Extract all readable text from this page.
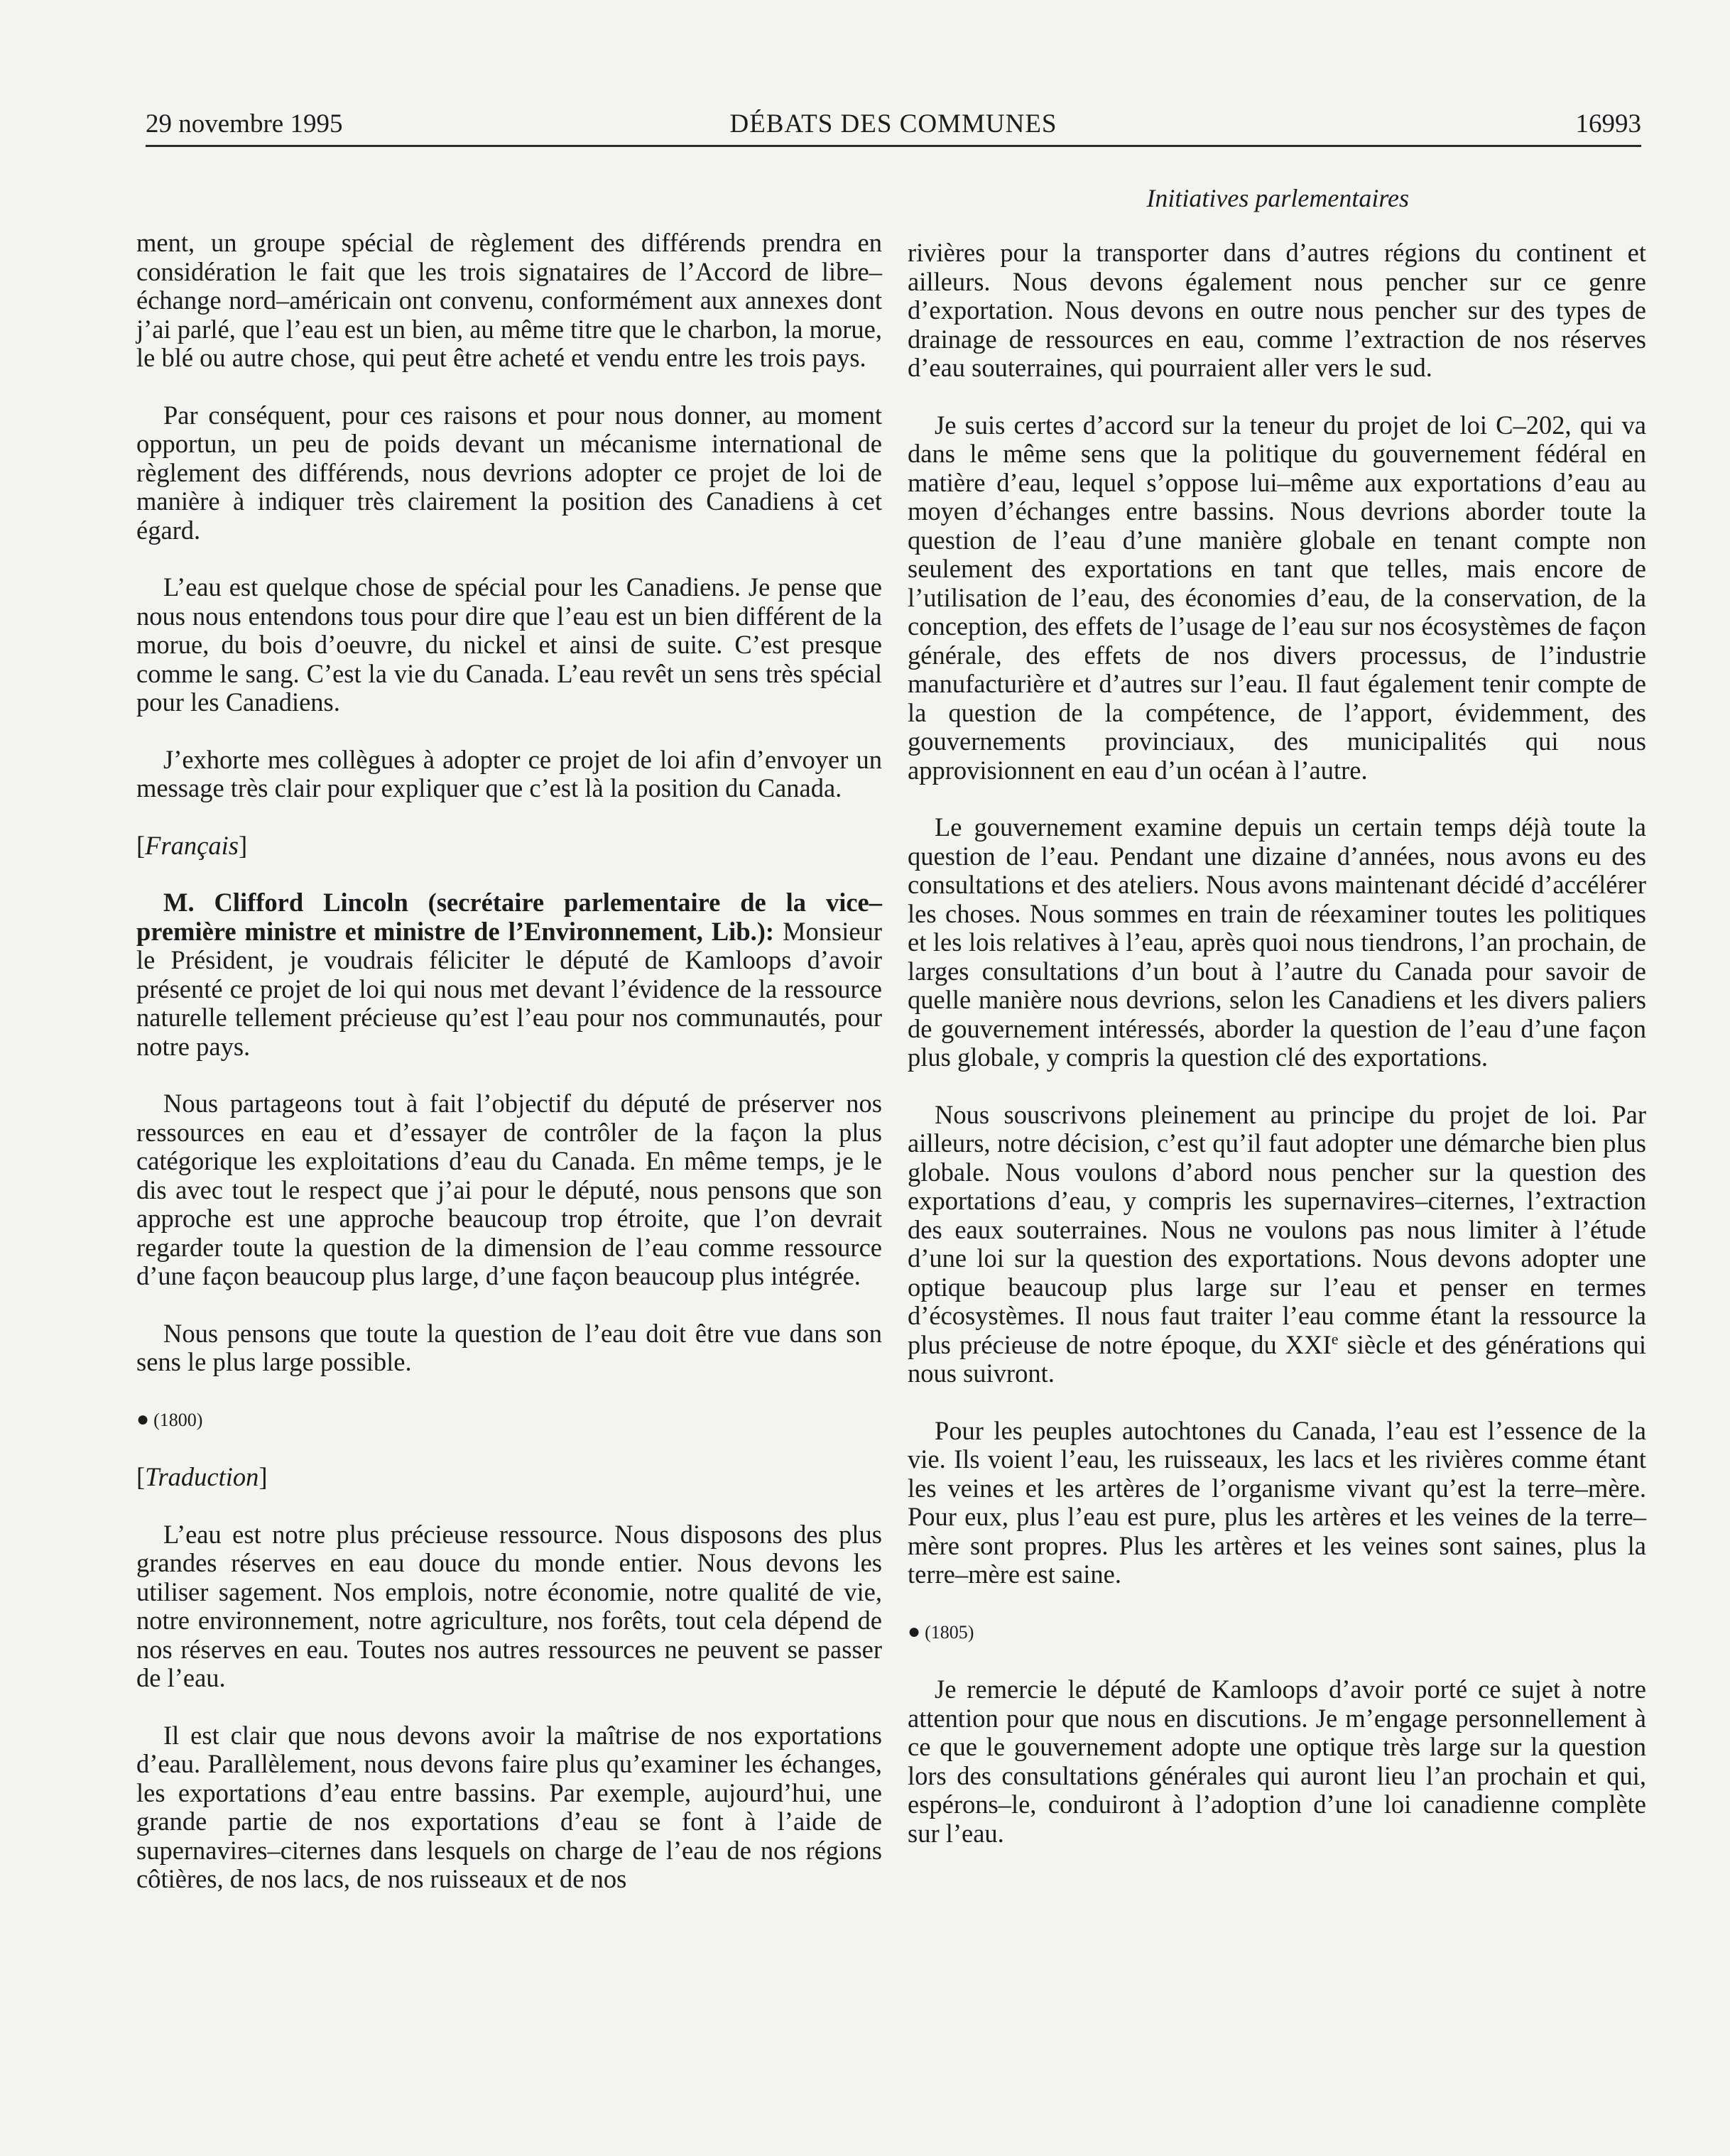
29 novembre 1995	DÉBATS DES COMMUNES	16993
Initiatives parlementaires

ment, un groupe spécial de règlement des différends prendra en considération le fait que les trois signataires de l’Accord de libre–échange nord–américain ont convenu, conformément aux annexes dont j’ai parlé, que l’eau est un bien, au même titre que le charbon, la morue, le blé ou autre chose, qui peut être acheté et vendu entre les trois pays.

Par conséquent, pour ces raisons et pour nous donner, au moment opportun, un peu de poids devant un mécanisme international de règlement des différends, nous devrions adopter ce projet de loi de manière à indiquer très clairement la position des Canadiens à cet égard.

L’eau est quelque chose de spécial pour les Canadiens. Je pense que nous nous entendons tous pour dire que l’eau est un bien différent de la morue, du bois d’oeuvre, du nickel et ainsi de suite. C’est presque comme le sang. C’est la vie du Canada. L’eau revêt un sens très spécial pour les Canadiens.

J’exhorte mes collègues à adopter ce projet de loi afin d’envoyer un message très clair pour expliquer que c’est là la position du Canada.

[ Français ]

M. Clifford Lincoln (secrétaire parlementaire de la vice–première ministre et ministre de l’Environnement, Lib.): Monsieur le Président, je voudrais féliciter le député de Kamloops d’avoir présenté ce projet de loi qui nous met devant l’évidence de la ressource naturelle tellement précieuse qu’est l’eau pour nos communautés, pour notre pays.

Nous partageons tout à fait l’objectif du député de préserver nos ressources en eau et d’essayer de contrôler de la façon la plus catégorique les exploitations d’eau du Canada. En même temps, je le dis avec tout le respect que j’ai pour le député, nous pensons que son approche est une approche beaucoup trop étroite, que l’on devrait regarder toute la question de la dimension de l’eau comme ressource d’une façon beaucoup plus large, d’une façon beaucoup plus intégrée.

Nous pensons que toute la question de l’eau doit être vue dans son sens le plus large possible.

● (1800)
[ Traduction ]

L’eau est notre plus précieuse ressource. Nous disposons des plus grandes réserves en eau douce du monde entier. Nous devons les utiliser sagement. Nos emplois, notre économie, notre qualité de vie, notre environnement, notre agriculture, nos forêts, tout cela dépend de nos réserves en eau. Toutes nos autres ressources ne peuvent se passer de l’eau.

Il est clair que nous devons avoir la maîtrise de nos exportations d’eau. Parallèlement, nous devons faire plus qu’examiner les échanges, les exportations d’eau entre bassins. Par exemple, aujourd’hui, une grande partie de nos exportations d’eau se font à l’aide de supernavires–citernes dans lesquels on charge de l’eau de nos régions côtières, de nos lacs, de nos ruisseaux et de nos

rivières pour la transporter dans d’autres régions du continent et ailleurs. Nous devons également nous pencher sur ce genre d’exportation. Nous devons en outre nous pencher sur des types de drainage de ressources en eau, comme l’extraction de nos réserves d’eau souterraines, qui pourraient aller vers le sud.

Je suis certes d’accord sur la teneur du projet de loi C–202, qui va dans le même sens que la politique du gouvernement fédéral en matière d’eau, lequel s’oppose lui–même aux exportations d’eau au moyen d’échanges entre bassins. Nous devrions aborder toute la question de l’eau d’une manière globale en tenant compte non seulement des exportations en tant que telles, mais encore de l’utilisation de l’eau, des économies d’eau, de la conservation, de la conception, des effets de l’usage de l’eau sur nos écosystèmes de façon générale, des effets de nos divers processus, de l’industrie manufacturière et d’autres sur l’eau. Il faut également tenir compte de la question de la compétence, de l’apport, évidemment, des gouvernements provinciaux, des municipalités qui nous approvisionnent en eau d’un océan à l’autre.

Le gouvernement examine depuis un certain temps déjà toute la question de l’eau. Pendant une dizaine d’années, nous avons eu des consultations et des ateliers. Nous avons maintenant décidé d’accélérer les choses. Nous sommes en train de réexaminer toutes les politiques et les lois relatives à l’eau, après quoi nous tiendrons, l’an prochain, de larges consultations d’un bout à l’autre du Canada pour savoir de quelle manière nous devrions, selon les Canadiens et les divers paliers de gouvernement intéressés, aborder la question de l’eau d’une façon plus globale, y compris la question clé des exportations.

Nous souscrivons pleinement au principe du projet de loi. Par ailleurs, notre décision, c’est qu’il faut adopter une démarche bien plus globale. Nous voulons d’abord nous pencher sur la question des exportations d’eau, y compris les supernavires–citernes, l’extraction des eaux souterraines. Nous ne voulons pas nous limiter à l’étude d’une loi sur la question des exportations. Nous devons adopter une optique beaucoup plus large sur l’eau et penser en termes d’écosystèmes. Il nous faut traiter l’eau comme étant la ressource la plus précieuse de notre époque, du XXIe siècle et des générations qui nous suivront.

Pour les peuples autochtones du Canada, l’eau est l’essence de la vie. Ils voient l’eau, les ruisseaux, les lacs et les rivières comme étant les veines et les artères de l’organisme vivant qu’est la terre–mère. Pour eux, plus l’eau est pure, plus les artères et les veines de la terre–mère sont propres. Plus les artères et les veines sont saines, plus la terre–mère est saine.

● (1805)

Je remercie le député de Kamloops d’avoir porté ce sujet à notre attention pour que nous en discutions. Je m’engage personnellement à ce que le gouvernement adopte une optique très large sur la question lors des consultations générales qui auront lieu l’an prochain et qui, espérons–le, conduiront à l’adoption d’une loi canadienne complète sur l’eau.
